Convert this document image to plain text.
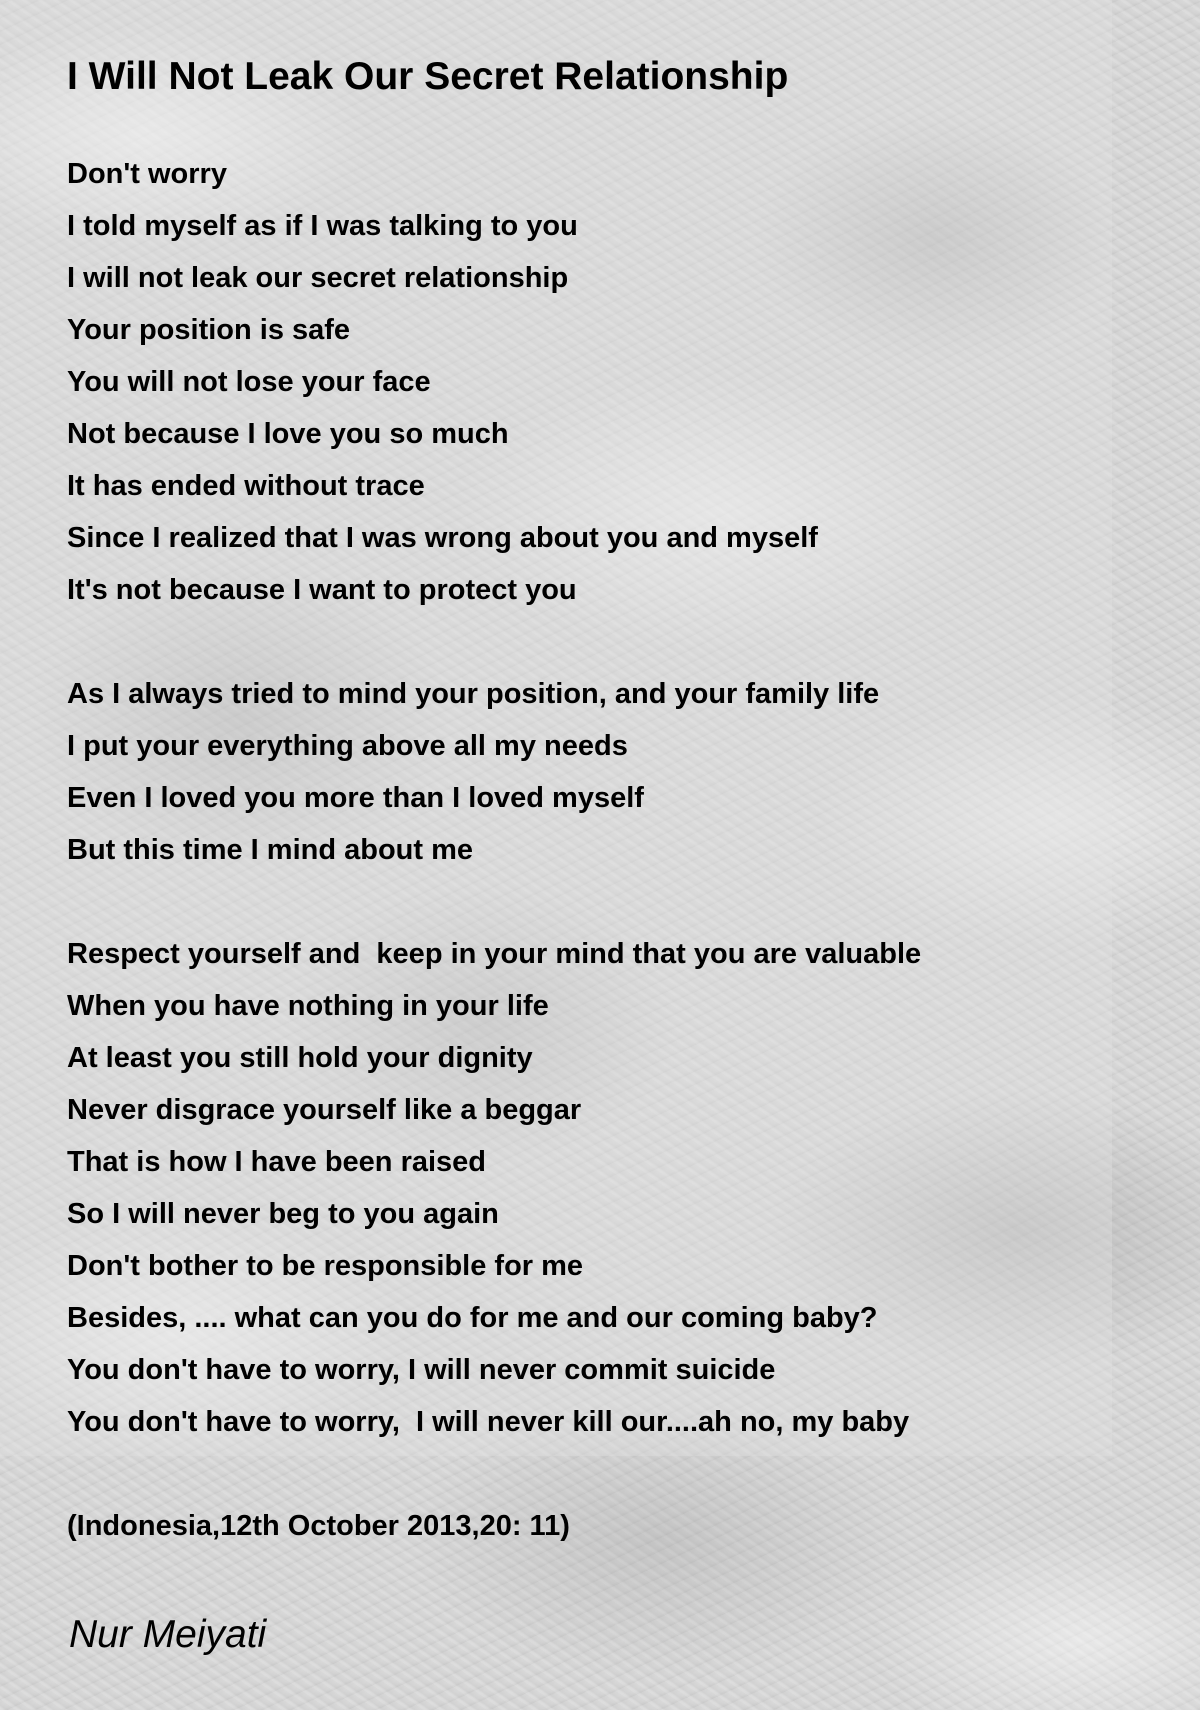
I Will Not Leak Our Secret Relationship
Don't worry
I told myself as if I was talking to you
I will not leak our secret relationship
Your position is safe
You will not lose your face
Not because I love you so much
It has ended without trace
Since I realized that I was wrong about you and myself
It's not because I want to protect you
As I always tried to mind your position, and your family life
I put your everything above all my needs
Even I loved you more than I loved myself
But this time I mind about me
Respect yourself and  keep in your mind that you are valuable
When you have nothing in your life
At least you still hold your dignity
Never disgrace yourself like a beggar
That is how I have been raised
So I will never beg to you again
Don't bother to be responsible for me
Besides, .... what can you do for me and our coming baby?
You don't have to worry, I will never commit suicide
You don't have to worry,  I will never kill our....ah no, my baby
(Indonesia,12th October 2013,20: 11)
Nur Meiyati
